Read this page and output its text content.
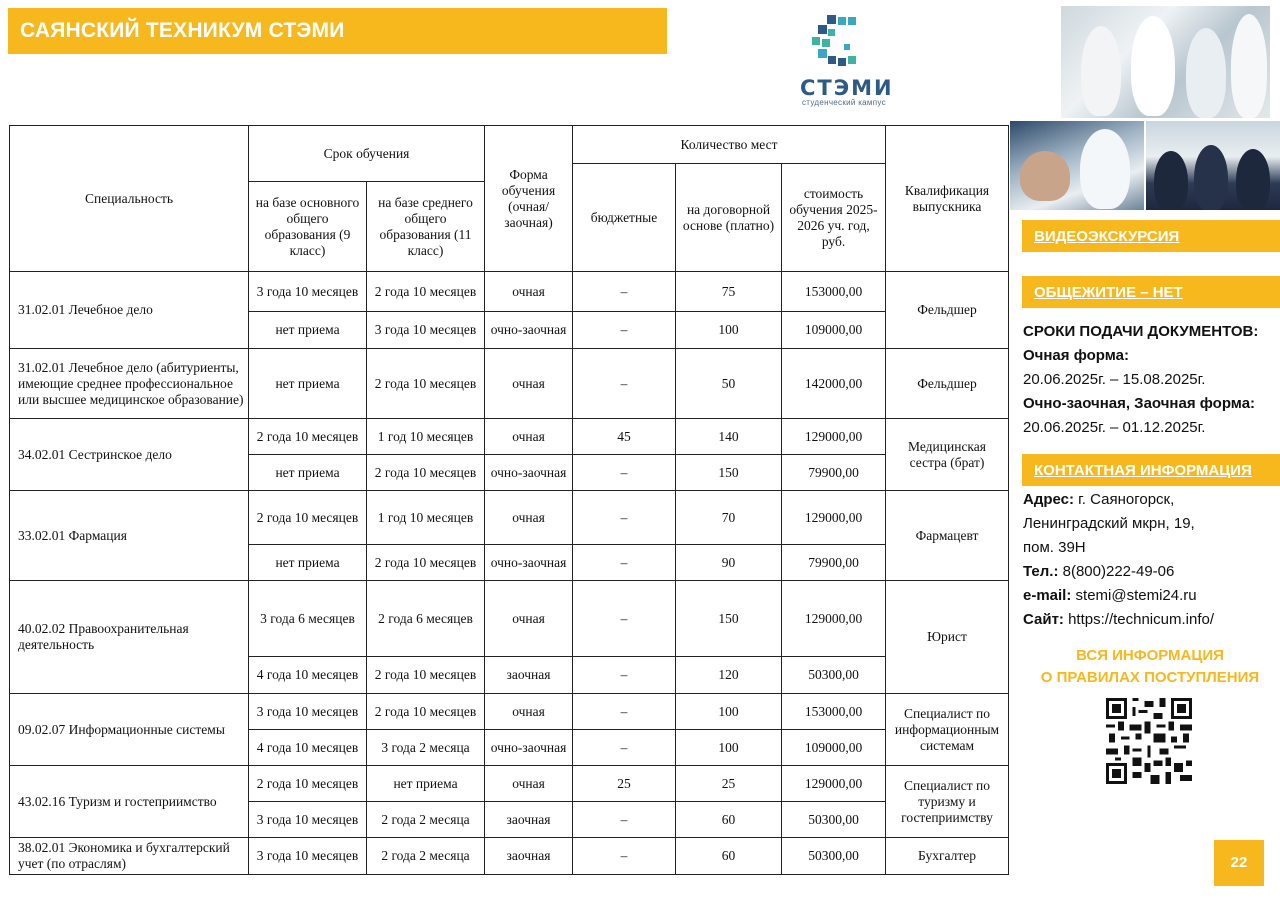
САЯНСКИЙ ТЕХНИКУМ СТЭМИ
СТЭМИ
студенческий кампус
Специальность	Срок обучения		Форма обучения (очная/ заочная)	Количество мест			Квалификация выпускника
				бюджетные	на договорной основе (платно)	стоимость обучения 2025-2026 уч. год, руб.	
	на базе основного общего образования (9 класс)	на базе среднего общего образования (11 класс)					
31.02.01 Лечебное дело	3 года 10 месяцев	2 года 10 месяцев	очная	–	75	153000,00	Фельдшер
	нет приема	3 года 10 месяцев	очно-заочная	–	100	109000,00	
31.02.01 Лечебное дело (абитуриенты, имеющие среднее профессиональное или высшее медицинское образование)	нет приема	2 года 10 месяцев	очная	–	50	142000,00	Фельдшер
34.02.01 Сестринское дело	2 года 10 месяцев	1 год 10 месяцев	очная	45	140	129000,00	Медицинская сестра (брат)
	нет приема	2 года 10 месяцев	очно-заочная	–	150	79900,00	
33.02.01 Фармация	2 года 10 месяцев	1 год 10 месяцев	очная	–	70	129000,00	Фармацевт
	нет приема	2 года 10 месяцев	очно-заочная	–	90	79900,00	
40.02.02 Правоохранительная деятельность	3 года 6 месяцев	2 года 6 месяцев	очная	–	150	129000,00	Юрист
	4 года 10 месяцев	2 года 10 месяцев	заочная	–	120	50300,00	
09.02.07 Информационные системы	3 года 10 месяцев	2 года 10 месяцев	очная	–	100	153000,00	Специалист по информационным системам
	4 года 10 месяцев	3 года 2 месяца	очно-заочная	–	100	109000,00	
43.02.16 Туризм и гостеприимство	2 года 10 месяцев	нет приема	очная	25	25	129000,00	Специалист по туризму и гостеприимству
	3 года 10 месяцев	2 года 2 месяца	заочная	–	60	50300,00	
38.02.01 Экономика и бухгалтерский учет (по отраслям)	3 года 10 месяцев	2 года 2 месяца	заочная	–	60	50300,00	Бухгалтер
ВИДЕОЭКСКУРСИЯ
ОБЩЕЖИТИЕ – НЕТ
СРОКИ ПОДАЧИ ДОКУМЕНТОВ:
Очная форма:
20.06.2025г. – 15.08.2025г.
Очно-заочная, Заочная форма:
20.06.2025г. – 01.12.2025г.
КОНТАКТНАЯ ИНФОРМАЦИЯ
Адрес: г. Саяногорск,
Ленинградский мкрн, 19,
пом. 39Н
Тел.: 8(800)222-49-06
e-mail: stemi@stemi24.ru
Сайт: https://technicum.info/
ВСЯ ИНФОРМАЦИЯ
О ПРАВИЛАХ ПОСТУПЛЕНИЯ
22
